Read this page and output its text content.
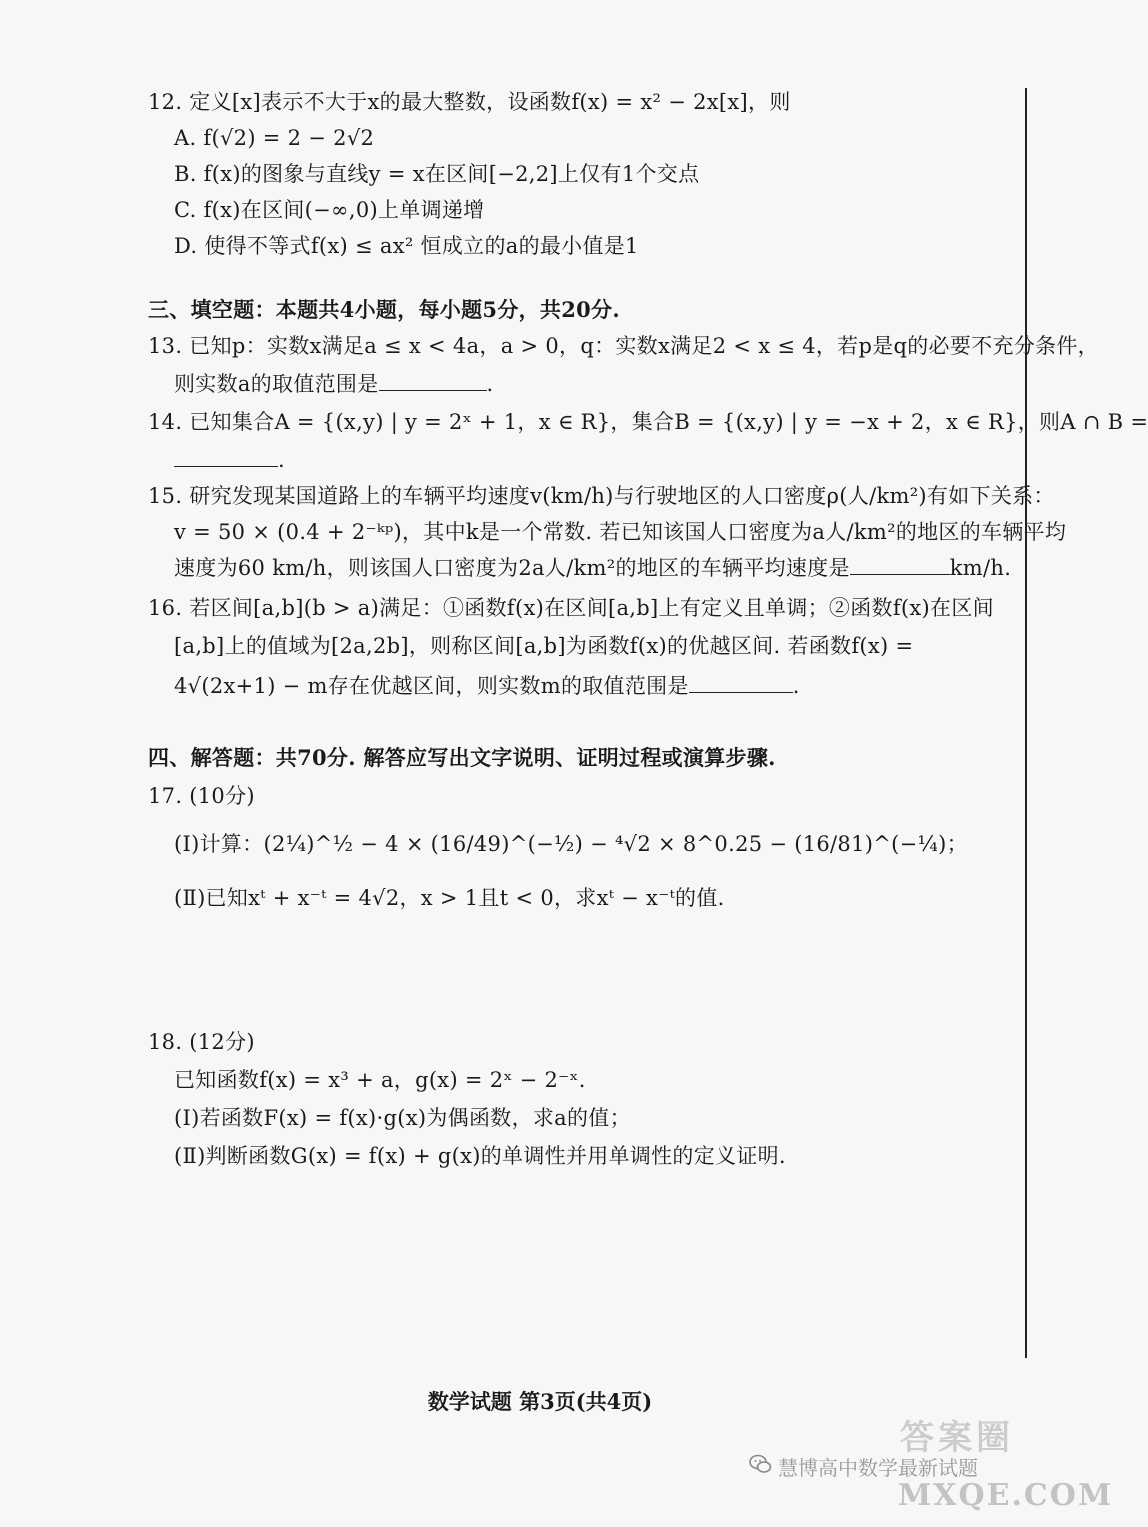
12. 定义[x]表示不大于x的最大整数，设函数f(x) = x² − 2x[x]，则
A. f(√2) = 2 − 2√2
B. f(x)的图象与直线y = x在区间[−2,2]上仅有1个交点
C. f(x)在区间(−∞,0)上单调递增
D. 使得不等式f(x) ≤ ax² 恒成立的a的最小值是1
三、填空题：本题共4小题，每小题5分，共20分.
13. 已知p：实数x满足a ≤ x < 4a，a > 0，q：实数x满足2 < x ≤ 4，若p是q的必要不充分条件，
则实数a的取值范围是	.
14. 已知集合A = {(x,y) | y = 2ˣ + 1，x ∈ R}，集合B = {(x,y) | y = −x + 2，x ∈ R}，则A ∩ B =
.
15. 研究发现某国道路上的车辆平均速度v(km/h)与行驶地区的人口密度ρ(人/km²)有如下关系：
v = 50 × (0.4 + 2⁻ᵏᵖ)，其中k是一个常数. 若已知该国人口密度为a人/km²的地区的车辆平均
速度为60 km/h，则该国人口密度为2a人/km²的地区的车辆平均速度是	km/h.
16. 若区间[a,b](b > a)满足：①函数f(x)在区间[a,b]上有定义且单调；②函数f(x)在区间
[a,b]上的值域为[2a,2b]，则称区间[a,b]为函数f(x)的优越区间. 若函数f(x) =
4√(2x+1) − m存在优越区间，则实数m的取值范围是	.
四、解答题：共70分. 解答应写出文字说明、证明过程或演算步骤.
17. (10分)
(Ⅰ)计算：(2¼)^½ − 4 × (16/49)^(−½) − ⁴√2 × 8^0.25 − (16/81)^(−¼)；
(Ⅱ)已知xᵗ + x⁻ᵗ = 4√2，x > 1且t < 0，求xᵗ − x⁻ᵗ的值.
18. (12分)
已知函数f(x) = x³ + a，g(x) = 2ˣ − 2⁻ˣ.
(Ⅰ)若函数F(x) = f(x)·g(x)为偶函数，求a的值；
(Ⅱ)判断函数G(x) = f(x) + g(x)的单调性并用单调性的定义证明.
数学试题 第3页(共4页)
慧博高中数学最新试题
答案圈
MXQE.COM
